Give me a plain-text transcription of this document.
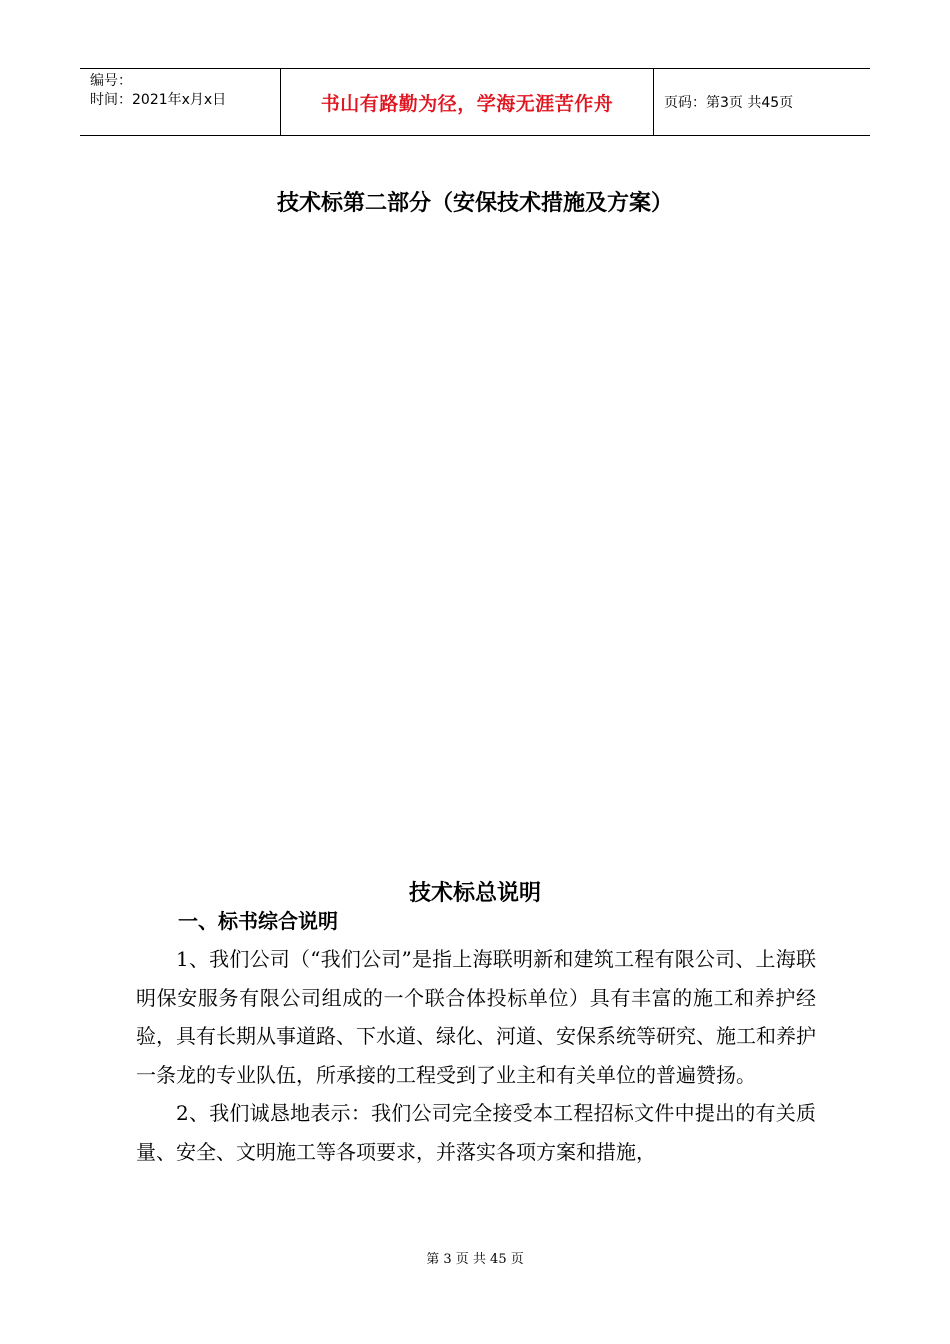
编号：
时间：2021年x月x日	书山有路勤为径，学海无涯苦作舟	页码：第3页 共45页
技术标第二部分（安保技术措施及方案）
技术标总说明
一、标书综合说明

1、我们公司（“我们公司”是指上海联明新和建筑工程有限公司、上海联明保安服务有限公司组成的一个联合体投标单位）具有丰富的施工和养护经验，具有长期从事道路、下水道、绿化、河道、安保系统等研究、施工和养护一条龙的专业队伍，所承接的工程受到了业主和有关单位的普遍赞扬。

2、我们诚恳地表示：我们公司完全接受本工程招标文件中提出的有关质量、安全、文明施工等各项要求，并落实各项方案和措施，

第 3 页 共 45 页
